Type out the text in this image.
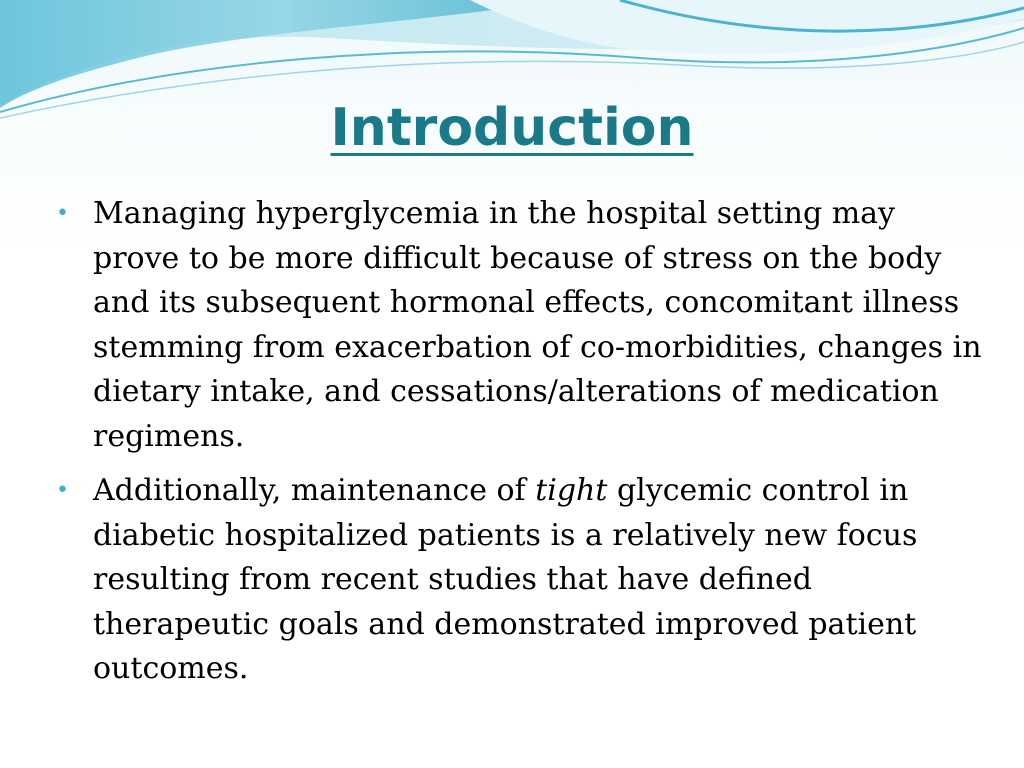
Introduction
• Managing hyperglycemia in the hospital setting may prove to be more difficult because of stress on the body and its subsequent hormonal effects, concomitant illness stemming from exacerbation of co-morbidities, changes in dietary intake, and cessations/alterations of medication regimens.
• Additionally, maintenance of tight glycemic control in diabetic hospitalized patients is a relatively new focus resulting from recent studies that have defined therapeutic goals and demonstrated improved patient outcomes.
